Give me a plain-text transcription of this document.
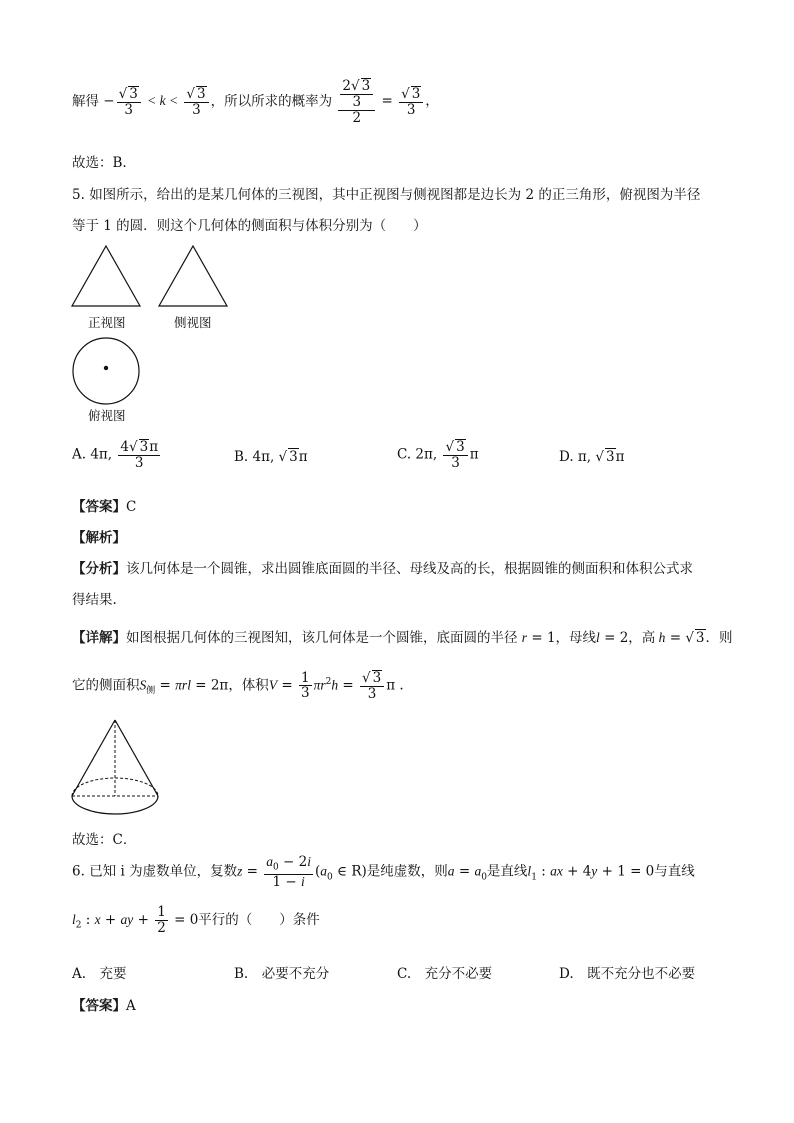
解得 − $\frac{√ 3}{3} < k < \frac{√ 3}{3}$ ，所以所求的概率为 $\frac{\frac{2√ 3}{3}}{2} = \frac{√ 3}{3}$ ，
故选：B.
5. 如图所示，给出的是某几何体的三视图，其中正视图与侧视图都是边长为 2 的正三角形，俯视图为半径
等于 1 的圆．则这个几何体的侧面积与体积分别为（　　）
正视图	侧视图
俯视图
A. 4π, $\frac{4√ 3\pi}{3}$	B. 4π, √ 3π	C. 2π, $\frac{√ 3}{3}$ π	D. π, √ 3π
【答案】C
【解析】
【分析】该几何体是一个圆锥，求出圆锥底面圆的半径、母线及高的长，根据圆锥的侧面积和体积公式求
得结果.
【详解】如图根据几何体的三视图知，该几何体是一个圆锥，底面圆的半径 r = 1，母线l = 2，高 h = √ 3．则
它的侧面积$S_侧 = \pi rl = 2\pi$，体积$V = \frac{1}{3} \pi r^2h = \frac{√ 3}{3}$ π .
故选：C．
6. 已知 i 为虚数单位，复数$z = \frac{a_0 - 2i}{1 - i} (a_0$ ∈ R)是纯虚数，则$a = a_0$是直线$l_1$ : ax + 4y + 1 = 0与直线
$l_2$ : x + ay + $\frac{1}{2} = 0$平行的（　　）条件
A.　充要	B.　必要不充分	C.　充分不必要	D.　既不充分也不必要
【答案】A
